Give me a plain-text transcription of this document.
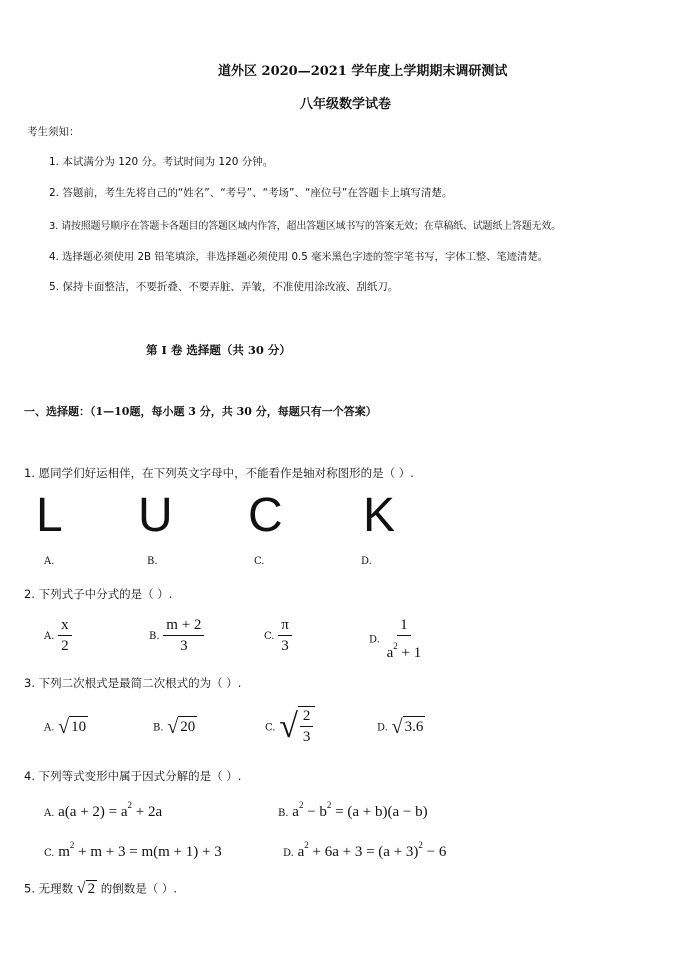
道外区 2020—2021 学年度上学期期末调研测试
八年级数学试卷
考生须知：
1. 本试满分为 120 分。考试时间为 120 分钟。
2. 答题前，考生先将自己的“姓名”、“考号”、“考场”、“座位号”在答题卡上填写清楚。
3. 请按照题号顺序在答题卡各题目的答题区域内作答，超出答题区域书写的答案无效；在草稿纸、试题纸上答题无效。
4. 选择题必须使用 2B 铅笔填涂，非选择题必须使用 0.5 毫米黑色字迹的签字笔书写，字体工整、笔迹清楚。
5. 保持卡面整洁，不要折叠、不要弄脏、弄皱，不准使用涂改液、刮纸刀。
第 I 卷 选择题（共 30 分）
一、选择题：（1—10题，每小题 3 分，共 30 分，每题只有一个答案）
1. 愿同学们好运相伴，在下列英文字母中，不能看作是轴对称图形的是（ ）.
L U C K
A.	B.	C.	D.
2. 下列式子中分式的是（ ）.
A. $\frac{x}{2}$	B. $\frac{m + 2}{3}$	C. $\frac{\pi}{3}$	D. $\frac{1}{a^2 + 1}$
3. 下列二次根式是最简二次根式的为（ ）.
A. √ 10	B. √ 20	C. √ $\frac{2}{3}$	D. √ 3.6
4. 下列等式变形中属于因式分解的是（ ）.
A. $a(a + 2) = a^2 + 2a$	B. $a^2 - b^2 = (a + b)(a - b)$
C. $m^2 + m + 3 = m(m + 1) + 3$	D. $a^2 + 6a + 3 = (a + 3)^2 - 6$
5. 无理数 √ 2 的倒数是（ ）.
